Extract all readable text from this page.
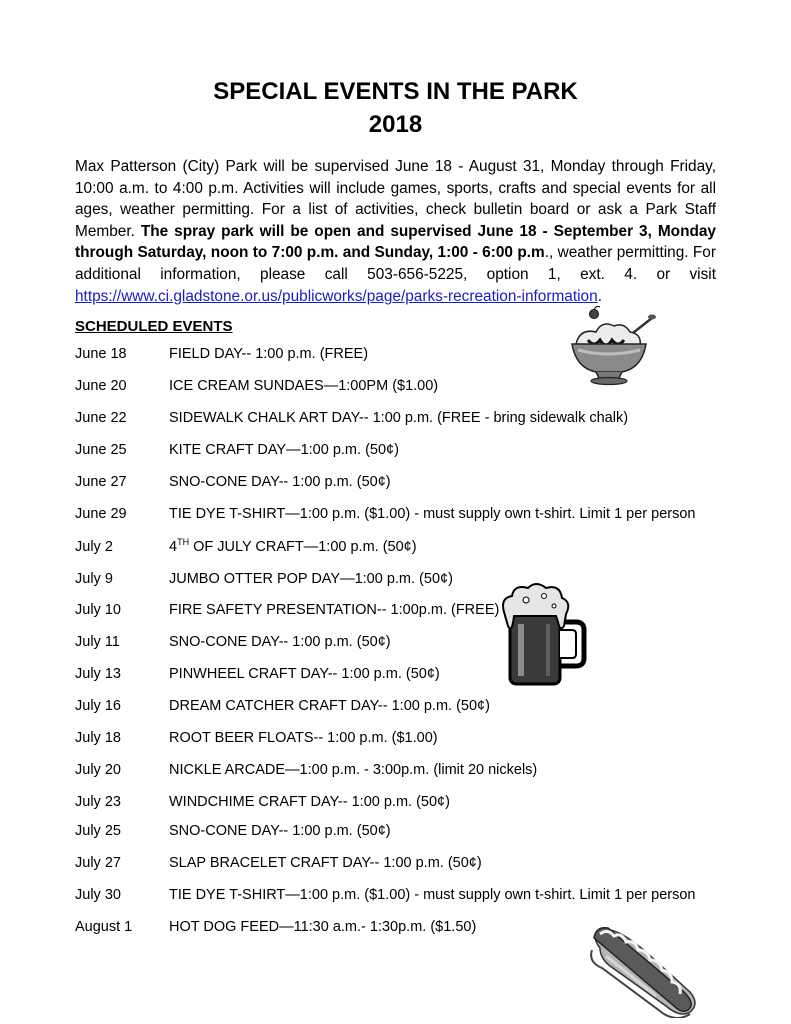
SPECIAL EVENTS IN THE PARK
2018
Max Patterson (City) Park will be supervised June 18 - August 31, Monday through Friday, 10:00 a.m. to 4:00 p.m. Activities will include games, sports, crafts and special events for all ages, weather permitting. For a list of activities, check bulletin board or ask a Park Staff Member. The spray park will be open and supervised June 18 - September 3, Monday through Saturday, noon to 7:00 p.m. and Sunday, 1:00 - 6:00 p.m., weather permitting. For additional information, please call 503-656-5225, option 1, ext. 4. or visit https://www.ci.gladstone.or.us/publicworks/page/parks-recreation-information.
SCHEDULED EVENTS
June 18	FIELD DAY-- 1:00 p.m. (FREE)
June 20	ICE CREAM SUNDAES—1:00PM ($1.00)
June 22	SIDEWALK CHALK ART DAY-- 1:00 p.m. (FREE - bring sidewalk chalk)
June 25	KITE CRAFT DAY—1:00 p.m. (50¢)
June 27	SNO-CONE DAY-- 1:00 p.m. (50¢)
June 29	TIE DYE T-SHIRT—1:00 p.m. ($1.00) - must supply own t-shirt. Limit 1 per person
July 2	4TH OF JULY CRAFT—1:00 p.m. (50¢)
July 9	JUMBO OTTER POP DAY—1:00 p.m. (50¢)
July 10	FIRE SAFETY PRESENTATION-- 1:00p.m. (FREE)
July 11	SNO-CONE DAY-- 1:00 p.m. (50¢)
July 13	PINWHEEL CRAFT DAY-- 1:00 p.m. (50¢)
July 16	DREAM CATCHER CRAFT DAY-- 1:00 p.m. (50¢)
July 18	ROOT BEER FLOATS-- 1:00 p.m. ($1.00)
July 20	NICKLE ARCADE—1:00 p.m. - 3:00p.m. (limit 20 nickels)
July 23	WINDCHIME CRAFT DAY-- 1:00 p.m. (50¢)
July 25	SNO-CONE DAY-- 1:00 p.m. (50¢)
July 27	SLAP BRACELET CRAFT DAY-- 1:00 p.m. (50¢)
July 30	TIE DYE T-SHIRT—1:00 p.m. ($1.00) - must supply own t-shirt. Limit 1 per person
August 1	HOT DOG FEED—11:30 a.m.- 1:30p.m. ($1.50)
